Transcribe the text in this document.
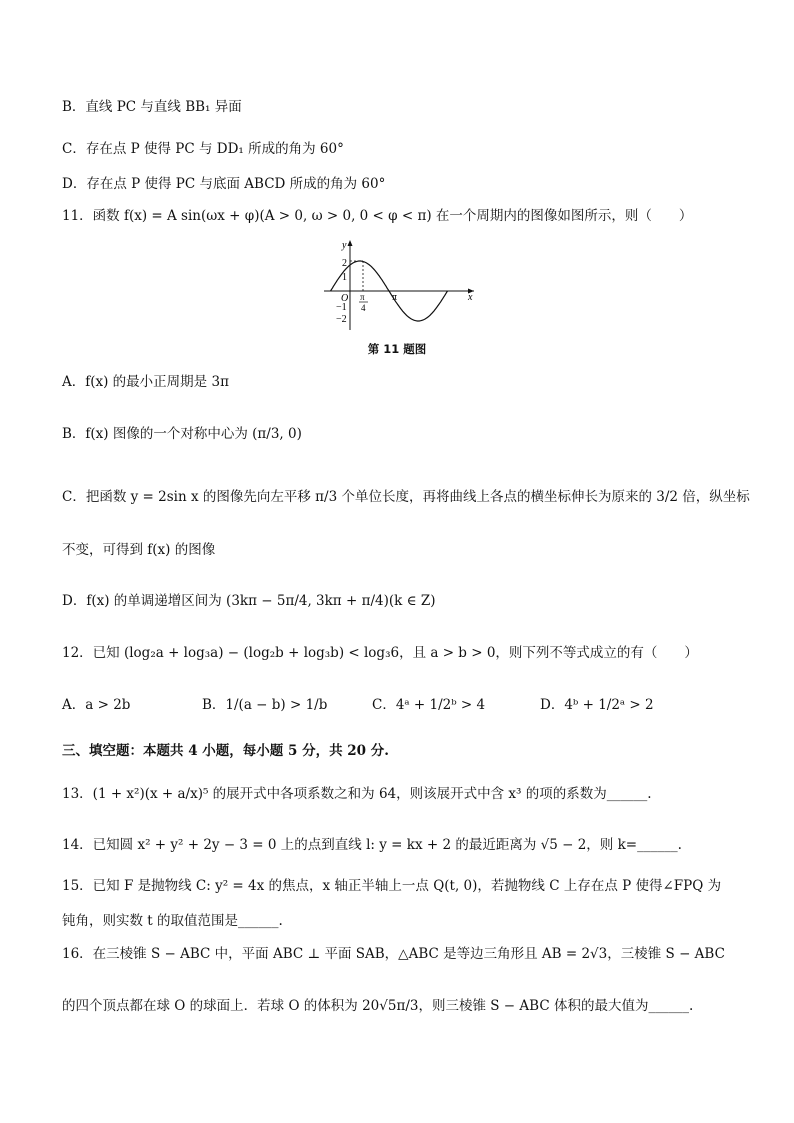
B．直线 PC 与直线 BB₁ 异面
C．存在点 P 使得 PC 与 DD₁ 所成的角为 60°
D．存在点 P 使得 PC 与底面 ABCD 所成的角为 60°
11．函数 f(x) = A sin(ωx + φ)(A > 0, ω > 0, 0 < φ < π) 在一个周期内的图像如图所示，则（　　）
y
x
2
1
O
−1
−2
π
4
π
第 11 题图
A．f(x) 的最小正周期是 3π
B．f(x) 图像的一个对称中心为 (π/3, 0)
C．把函数 y = 2sin x 的图像先向左平移 π/3 个单位长度，再将曲线上各点的横坐标伸长为原来的 3/2 倍，纵坐标
不变，可得到 f(x) 的图像
D．f(x) 的单调递增区间为 (3kπ − 5π/4, 3kπ + π/4)(k ∈ Z)
12．已知 (log₂a + log₃a) − (log₂b + log₃b) < log₃6，且 a > b > 0，则下列不等式成立的有（　　）
A．a > 2b	B．1/(a − b) > 1/b	C．4ᵃ + 1/2ᵇ > 4	D．4ᵇ + 1/2ᵃ > 2
三、填空题：本题共 4 小题，每小题 5 分，共 20 分.
13．(1 + x²)(x + a/x)⁵ 的展开式中各项系数之和为 64，则该展开式中含 x³ 的项的系数为______.
14．已知圆 x² + y² + 2y − 3 = 0 上的点到直线 l: y = kx + 2 的最近距离为 √5 − 2，则 k=______.
15．已知 F 是抛物线 C: y² = 4x 的焦点，x 轴正半轴上一点 Q(t, 0)，若抛物线 C 上存在点 P 使得∠FPQ 为
钝角，则实数 t 的取值范围是______.
16．在三棱锥 S − ABC 中，平面 ABC ⊥ 平面 SAB，△ABC 是等边三角形且 AB = 2√3，三棱锥 S − ABC
的四个顶点都在球 O 的球面上．若球 O 的体积为 20√5π/3，则三棱锥 S − ABC 体积的最大值为______.
